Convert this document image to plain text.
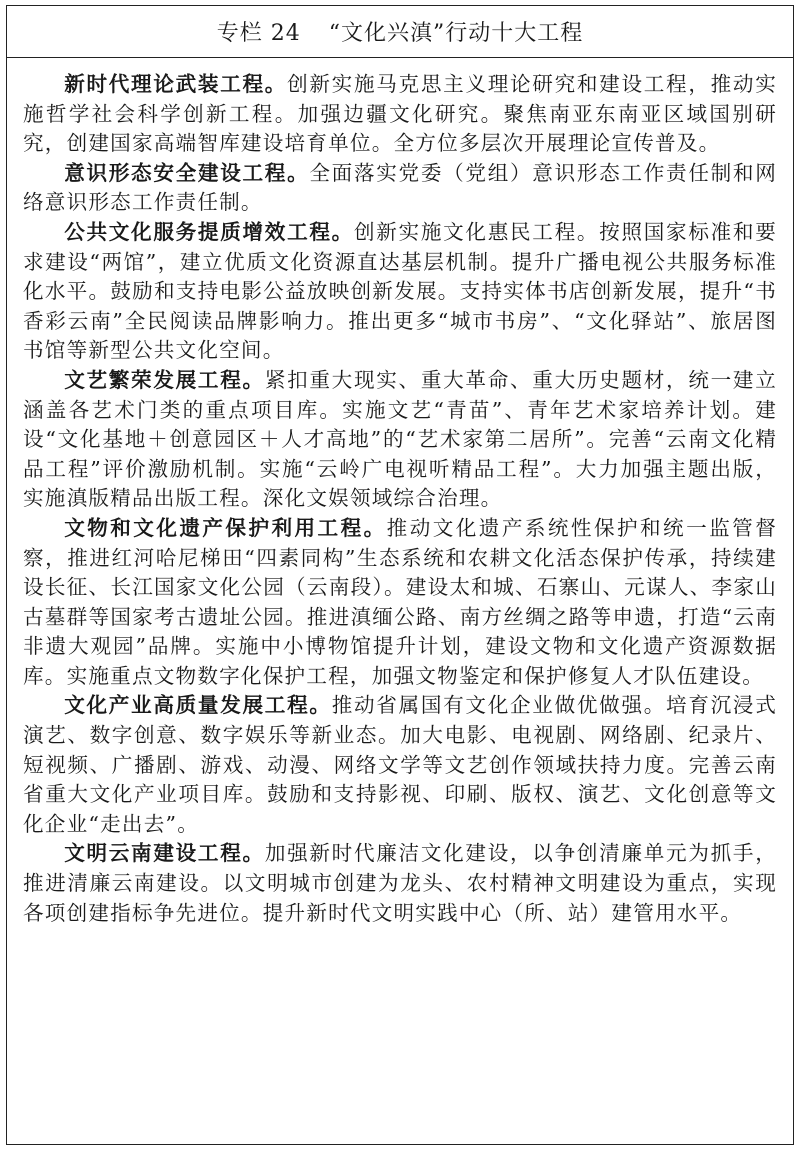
专栏 24 “文化兴滇”行动十大工程

新时代理论武装工程。创新实施马克思主义理论研究和建设工程，推动实施哲学社会科学创新工程。加强边疆文化研究。聚焦南亚东南亚区域国别研究，创建国家高端智库建设培育单位。全方位多层次开展理论宣传普及。

意识形态安全建设工程。全面落实党委（党组）意识形态工作责任制和网络意识形态工作责任制。

公共文化服务提质增效工程。创新实施文化惠民工程。按照国家标准和要求建设“两馆”，建立优质文化资源直达基层机制。提升广播电视公共服务标准化水平。鼓励和支持电影公益放映创新发展。支持实体书店创新发展，提升“书香彩云南”全民阅读品牌影响力。推出更多“城市书房”、“文化驿站”、旅居图书馆等新型公共文化空间。

文艺繁荣发展工程。紧扣重大现实、重大革命、重大历史题材，统一建立涵盖各艺术门类的重点项目库。实施文艺“青苗”、青年艺术家培养计划。建设“文化基地＋创意园区＋人才高地”的“艺术家第二居所”。完善“云南文化精品工程”评价激励机制。实施“云岭广电视听精品工程”。大力加强主题出版，实施滇版精品出版工程。深化文娱领域综合治理。

文物和文化遗产保护利用工程。推动文化遗产系统性保护和统一监管督察，推进红河哈尼梯田“四素同构”生态系统和农耕文化活态保护传承，持续建设长征、长江国家文化公园（云南段）。建设太和城、石寨山、元谋人、李家山古墓群等国家考古遗址公园。推进滇缅公路、南方丝绸之路等申遗，打造“云南非遗大观园”品牌。实施中小博物馆提升计划，建设文物和文化遗产资源数据库。实施重点文物数字化保护工程，加强文物鉴定和保护修复人才队伍建设。

文化产业高质量发展工程。推动省属国有文化企业做优做强。培育沉浸式演艺、数字创意、数字娱乐等新业态。加大电影、电视剧、网络剧、纪录片、短视频、广播剧、游戏、动漫、网络文学等文艺创作领域扶持力度。完善云南省重大文化产业项目库。鼓励和支持影视、印刷、版权、演艺、文化创意等文化企业“走出去”。

文明云南建设工程。加强新时代廉洁文化建设，以争创清廉单元为抓手，推进清廉云南建设。以文明城市创建为龙头、农村精神文明建设为重点，实现各项创建指标争先进位。提升新时代文明实践中心（所、站）建管用水平。
